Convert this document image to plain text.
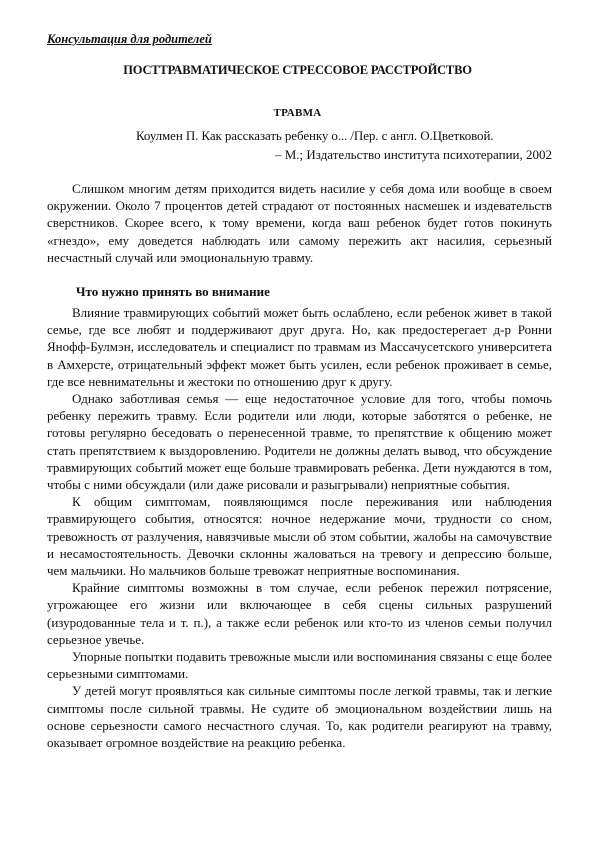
Консультация для родителей
ПОСТТРАВМАТИЧЕСКОЕ СТРЕССОВОЕ РАССТРОЙСТВО
ТРАВМА
Коулмен П. Как рассказать ребенку о... /Пер. с англ. О.Цветковой.
– М.; Издательство института психотерапии, 2002

Слишком многим детям приходится видеть насилие у себя дома или вообще в своем окружении. Около 7 процентов детей страдают от постоянных насмешек и издевательств сверстников. Скорее всего, к тому времени, когда ваш ребенок будет готов покинуть «гнездо», ему доведется наблюдать или самому пережить акт насилия, серьезный несчастный случай или эмоциональную травму.

Что нужно принять во внимание

Влияние травмирующих событий может быть ослаблено, если ребенок живет в такой семье, где все любят и поддерживают друг друга. Но, как предостерегает д-р Ронни Янофф-Булмэн, исследователь и специалист по травмам из Массачусетского университета в Амхерсте, отрицательный эффект может быть усилен, если ребенок проживает в семье, где все невнимательны и жестоки по отношению друг к другу.

Однако заботливая семья — еще недостаточное условие для того, чтобы помочь ребенку пережить травму. Если родители или люди, которые заботятся о ребенке, не готовы регулярно беседовать о перенесенной травме, то препятствие к общению может стать препятствием к выздоровлению. Родители не должны делать вывод, что обсуждение травмирующих событий может еще больше травмировать ребенка. Дети нуждаются в том, чтобы с ними обсуждали (или даже рисовали и разыгрывали) неприятные события.

К общим симптомам, появляющимся после переживания или наблюдения травмирующего события, относятся: ночное недержание мочи, трудности со сном, тревожность от разлучения, навязчивые мысли об этом событии, жалобы на самочувствие и несамостоятельность. Девочки склонны жаловаться на тревогу и депрессию больше, чем мальчики. Но мальчиков больше тревожат неприятные воспоминания.

Крайние симптомы возможны в том случае, если ребенок пережил потрясение, угрожающее его жизни или включающее в себя сцены сильных разрушений (изуродованные тела и т. п.), а также если ребенок или кто-то из членов семьи получил серьезное увечье.

Упорные попытки подавить тревожные мысли или воспоминания связаны с еще более серьезными симптомами.

У детей могут проявляться как сильные симптомы после легкой травмы, так и легкие симптомы после сильной травмы. Не судите об эмоциональном воздействии лишь на основе серьезности самого несчастного случая. То, как родители реагируют на травму, оказывает огромное воздействие на реакцию ребенка.
